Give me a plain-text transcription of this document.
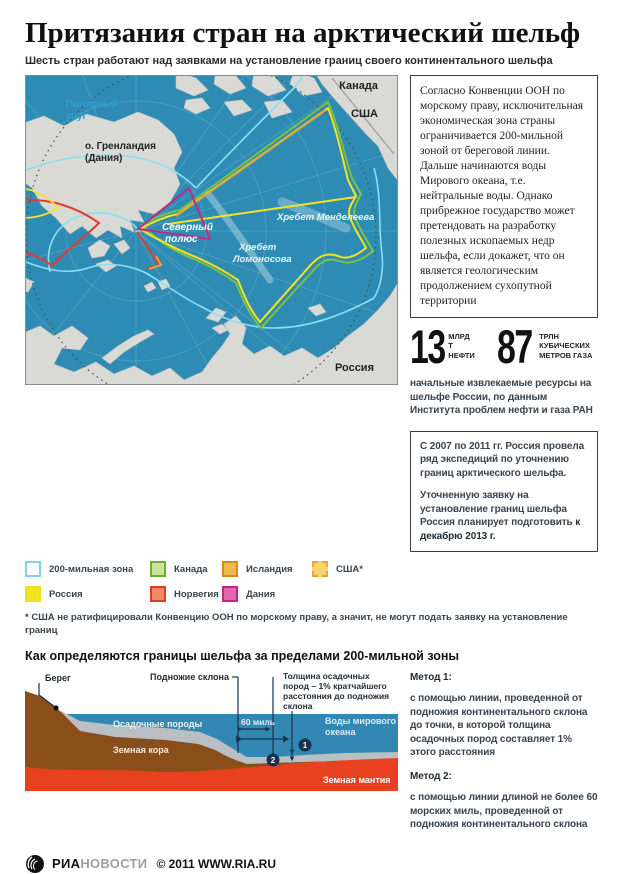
Притязания стран на арктический шельф
Шесть стран работают над заявками на установление границ своего континентального шельфа
Канада
США
Полярный
круг
о. Гренландия
(Дания)
Северный
полюс
Хребет Менделеева
Хребет
Ломоносова
Россия
Согласно Конвенции ООН по морскому праву, исключительная экономическая зона страны ограничивается 200-мильной зоной от береговой линии. Дальше начинаются воды Мирового океана, т.е. нейтральные воды. Однако прибрежное государство может претендовать на разработку полезных ископаемых недр шельфа, если докажет, что он является геологическим продолжением сухопутной территории
13 МЛРД Т
НЕФТИ 87 ТРЛН КУБИЧЕСКИХ
МЕТРОВ ГАЗА
начальные извлекаемые ресурсы на шельфе России, по данным Института проблем нефти и газа РАН

С 2007 по 2011 гг. Россия провела ряд экспедиций по уточнению границ арктического шельфа.

Уточненную заявку на установление границ шельфа Россия планирует подготовить к декабрю 2013 г.

200-мильная зона	Канада	Исландия	США*
Россия	Норвегия	Дания
* США не ратифицировали Конвенцию ООН по морскому праву, а значит, не могут подать заявку на установление границ
Как определяются границы шельфа за пределами 200-мильной зоны
Берег	Подножие склона	Толщина осадочных
пород – 1% кратчайшего
расстояния до подножия
склона
60 миль
Осадочные породы
Земная кора
Воды мирового
океана
Земная мантия
1
2
Метод 1:
с помощью линии, проведенной от подножия континентального склона до точки, в которой толщина осадочных пород составляет 1% этого расстояния
Метод 2:
с помощью линии длиной не более 60 морских миль, проведенной от подножия континентального склона
РИАНОВОСТИ © 2011 WWW.RIA.RU
